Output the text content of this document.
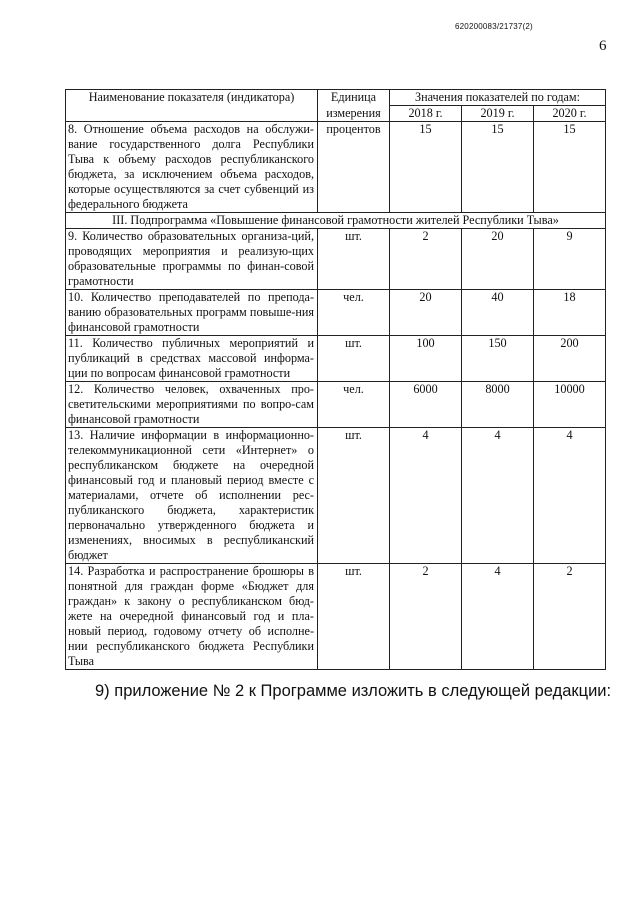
620200083/21737(2)
6
Наименование показателя (индикатора)	Единица	Значения показателей по годам:		
	измерения	2018 г.	2019 г.	2020 г.
8. Отношение объема расходов на обслужи-вание государственного долга Республики Тыва к объему расходов республиканского бюджета, за исключением объема расходов, которые осуществляются за счет субвенций из федерального бюджета	процентов	15	15	15
III. Подпрограмма «Повышение финансовой грамотности жителей Республики Тыва»				
9. Количество образовательных организа-ций, проводящих мероприятия и реализую-щих образовательные программы по финан-совой грамотности	шт.	2	20	9
10. Количество преподавателей по препода-ванию образовательных программ повыше-ния финансовой грамотности	чел.	20	40	18
11. Количество публичных мероприятий и публикаций в средствах массовой информа-ции по вопросам финансовой грамотности	шт.	100	150	200
12. Количество человек, охваченных про-светительскими мероприятиями по вопро-сам финансовой грамотности	чел.	6000	8000	10000
13. Наличие информации в информационно-телекоммуникационной сети «Интернет» о республиканском бюджете на очередной финансовый год и плановый период вместе с материалами, отчете об исполнении рес-публиканского бюджета, характеристик первоначально утвержденного бюджета и изменениях, вносимых в республиканский бюджет	шт.	4	4	4
14. Разработка и распространение брошюры в понятной для граждан форме «Бюджет для граждан» к закону о республиканском бюд-жете на очередной финансовый год и пла-новый период, годовому отчету об исполне-нии республиканского бюджета Республики Тыва	шт.	2	4	2
9) приложение № 2 к Программе изложить в следующей редакции:
